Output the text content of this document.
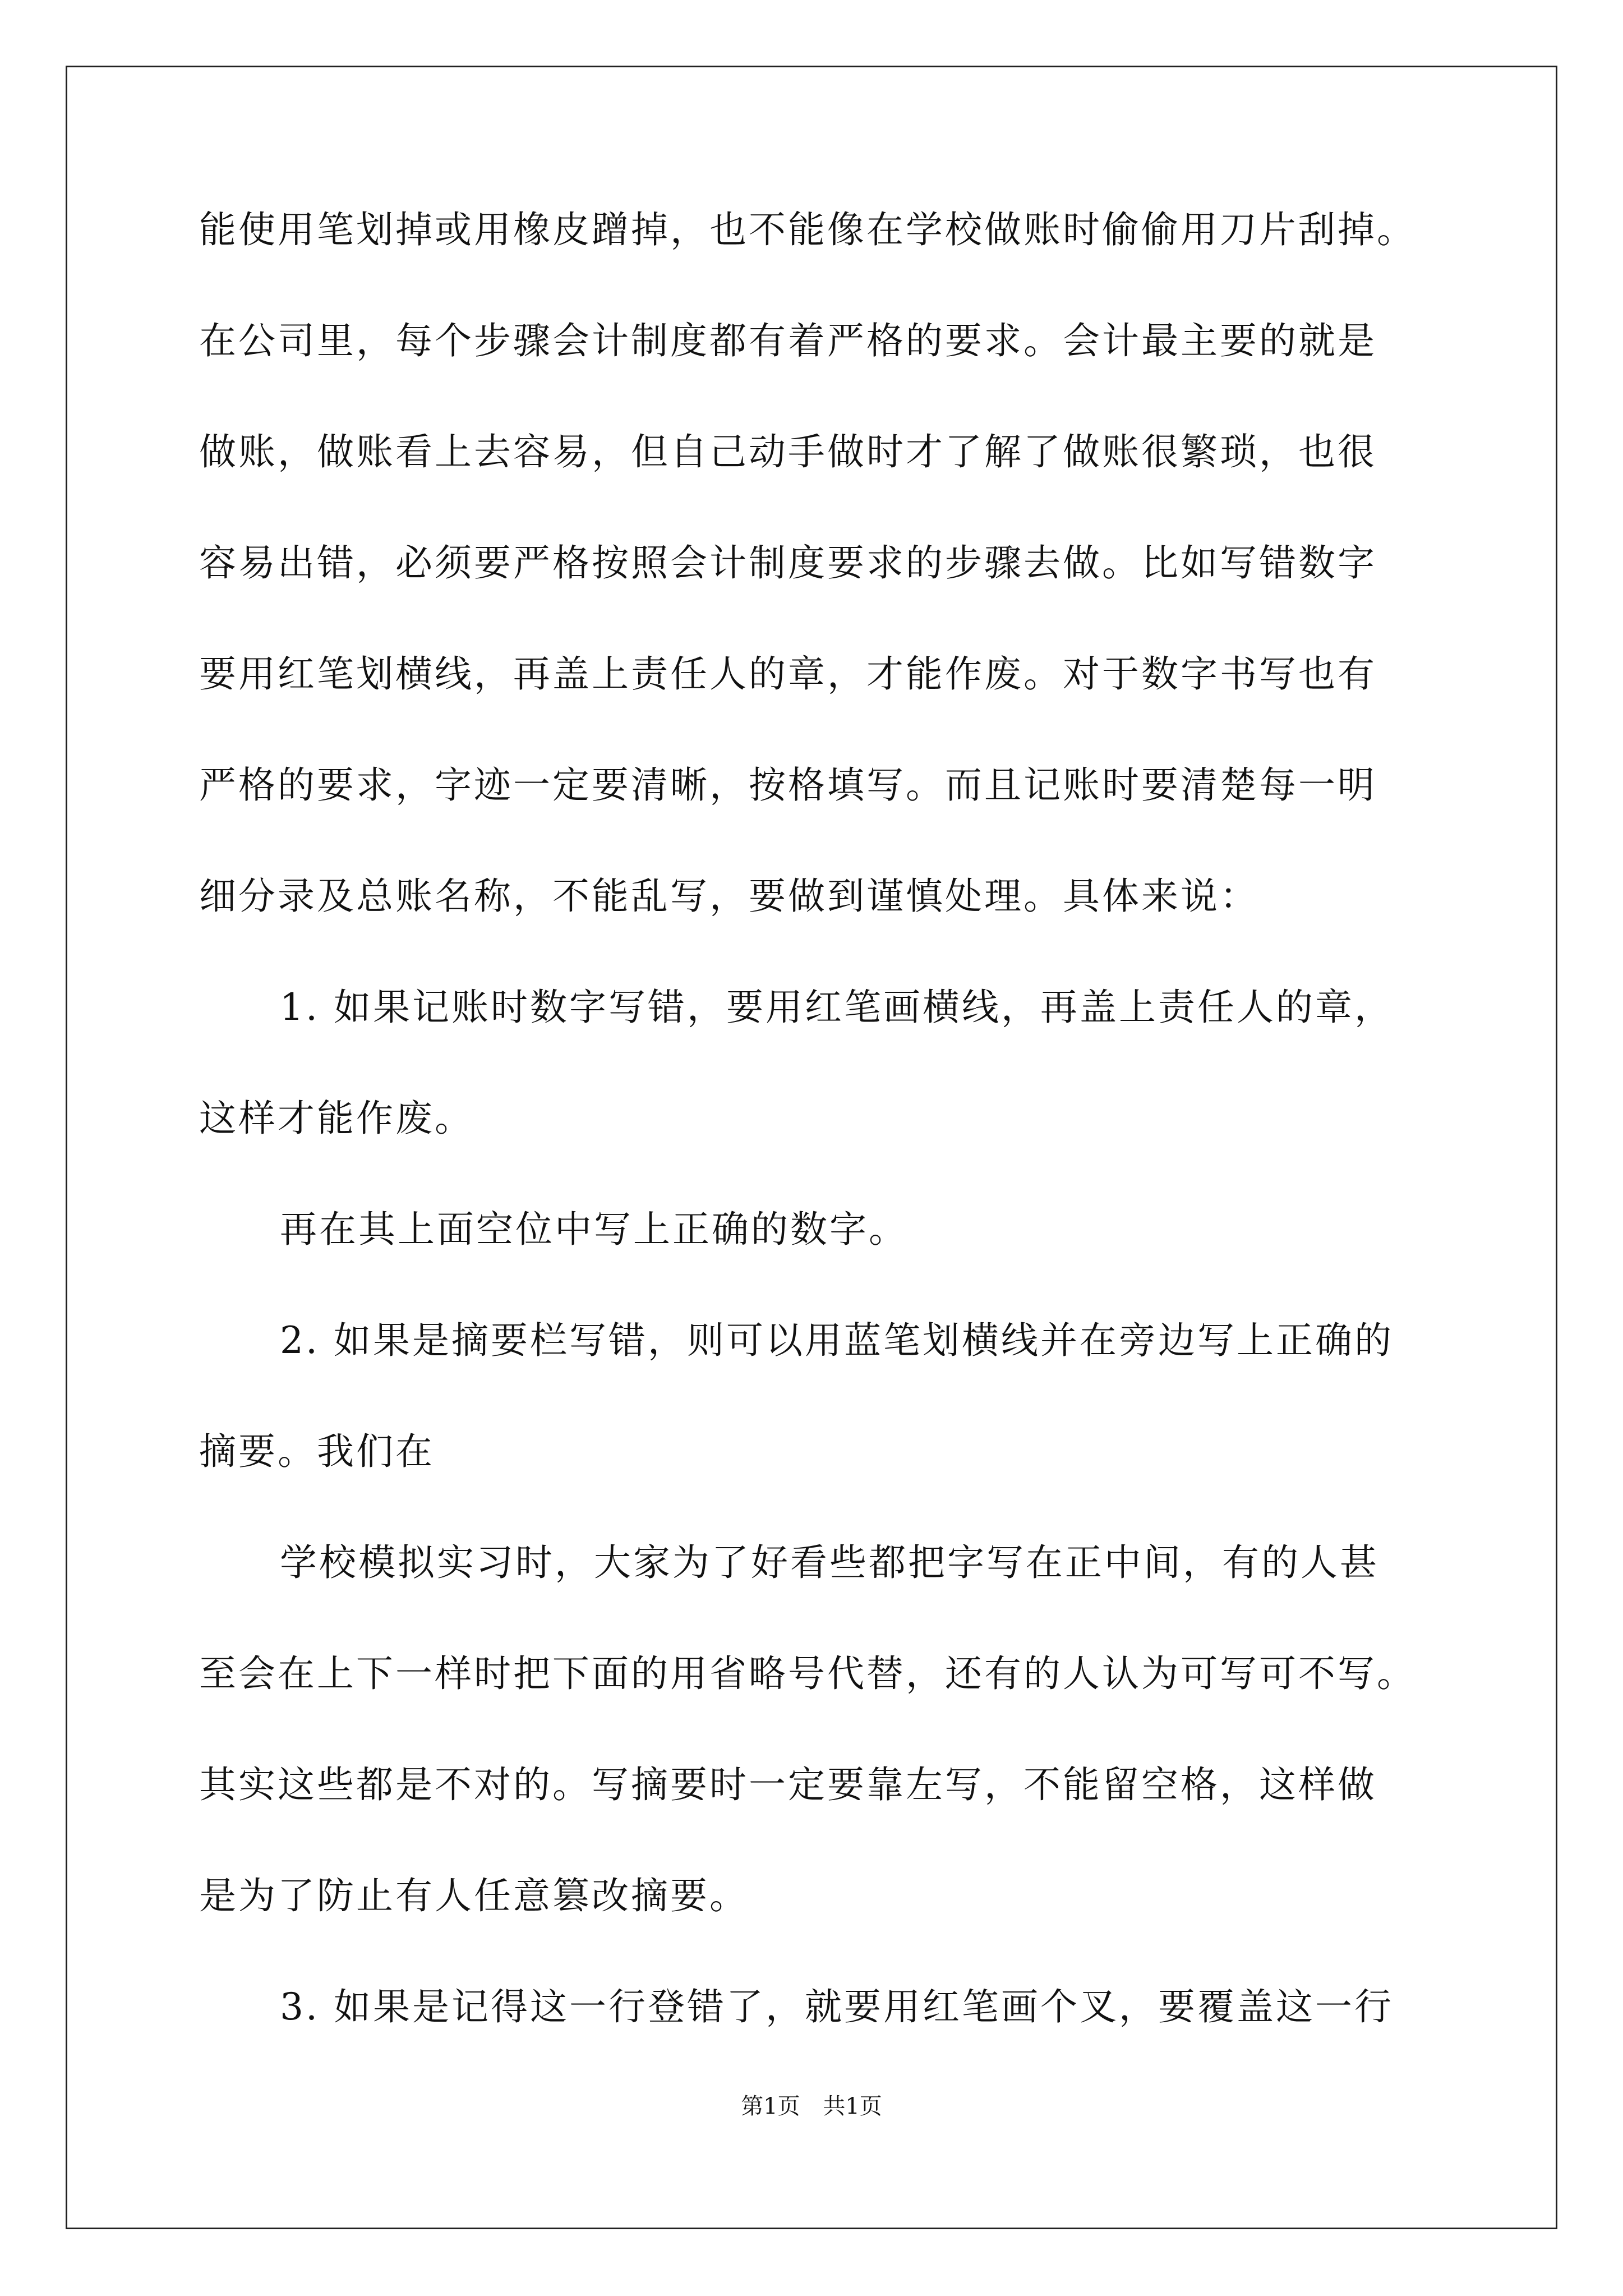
能使用笔划掉或用橡皮蹭掉，也不能像在学校做账时偷偷用刀片刮掉。
在公司里，每个步骤会计制度都有着严格的要求。会计最主要的就是
做账，做账看上去容易，但自己动手做时才了解了做账很繁琐，也很
容易出错，必须要严格按照会计制度要求的步骤去做。比如写错数字
要用红笔划横线，再盖上责任人的章，才能作废。对于数字书写也有
严格的要求，字迹一定要清晰，按格填写。而且记账时要清楚每一明
细分录及总账名称，不能乱写，要做到谨慎处理。具体来说：
1. 如果记账时数字写错，要用红笔画横线，再盖上责任人的章，
这样才能作废。
再在其上面空位中写上正确的数字。
2. 如果是摘要栏写错，则可以用蓝笔划横线并在旁边写上正确的
摘要。我们在
学校模拟实习时，大家为了好看些都把字写在正中间，有的人甚
至会在上下一样时把下面的用省略号代替，还有的人认为可写可不写。
其实这些都是不对的。写摘要时一定要靠左写，不能留空格，这样做
是为了防止有人任意篡改摘要。
3. 如果是记得这一行登错了，就要用红笔画个叉，要覆盖这一行
第1页 共1页
